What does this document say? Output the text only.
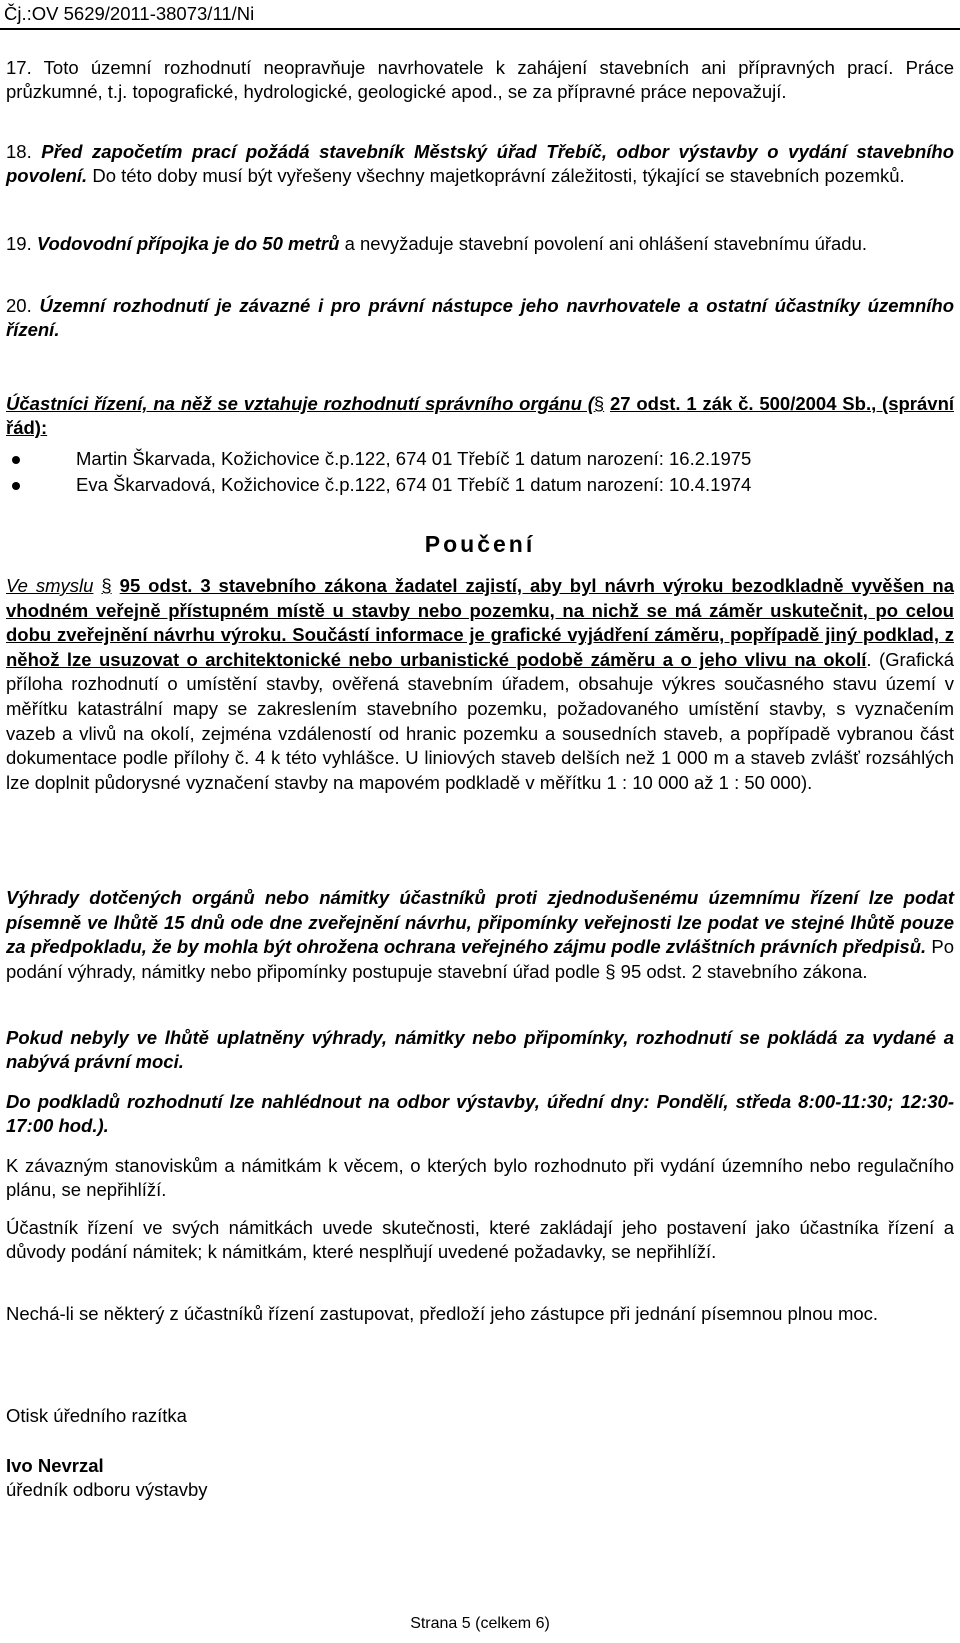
Čj.:OV 5629/2011-38073/11/Ni
17. Toto územní rozhodnutí neopravňuje navrhovatele k zahájení stavebních ani přípravných prací. Práce průzkumné, t.j. topografické, hydrologické, geologické apod., se za přípravné práce nepovažují.
18. Před započetím prací požádá stavebník Městský úřad Třebíč, odbor výstavby o vydání stavebního povolení. Do této doby musí být vyřešeny všechny majetkoprávní záležitosti, týkající se stavebních pozemků.
19. Vodovodní přípojka je do 50 metrů a nevyžaduje stavební povolení ani ohlášení stavebnímu úřadu.
20. Územní rozhodnutí je závazné i pro právní nástupce jeho navrhovatele a ostatní účastníky územního řízení.
Účastníci řízení, na něž se vztahuje rozhodnutí správního orgánu (§ 27 odst. 1 zák č. 500/2004 Sb., (správní řád):
Martin Škarvada, Kožichovice č.p.122, 674 01 Třebíč 1 datum narození: 16.2.1975
Eva Škarvadová, Kožichovice č.p.122, 674 01 Třebíč 1 datum narození: 10.4.1974
Poučení
Ve smyslu § 95 odst. 3 stavebního zákona žadatel zajistí, aby byl návrh výroku bezodkladně vyvěšen na vhodném veřejně přístupném místě u stavby nebo pozemku, na nichž se má záměr uskutečnit, po celou dobu zveřejnění návrhu výroku. Součástí informace je grafické vyjádření záměru, popřípadě jiný podklad, z něhož lze usuzovat o architektonické nebo urbanistické podobě záměru a o jeho vlivu na okolí. (Grafická příloha rozhodnutí o umístění stavby, ověřená stavebním úřadem, obsahuje výkres současného stavu území v měřítku katastrální mapy se zakreslením stavebního pozemku, požadovaného umístění stavby, s vyznačením vazeb a vlivů na okolí, zejména vzdáleností od hranic pozemku a sousedních staveb, a popřípadě vybranou část dokumentace podle přílohy č. 4 k této vyhlášce. U liniových staveb delších než 1 000 m a staveb zvlášť rozsáhlých lze doplnit půdorysné vyznačení stavby na mapovém podkladě v měřítku 1 : 10 000 až 1 : 50 000).
Výhrady dotčených orgánů nebo námitky účastníků proti zjednodušenému územnímu řízení lze podat písemně ve lhůtě 15 dnů ode dne zveřejnění návrhu, připomínky veřejnosti lze podat ve stejné lhůtě pouze za předpokladu, že by mohla být ohrožena ochrana veřejného zájmu podle zvláštních právních předpisů. Po podání výhrady, námitky nebo připomínky postupuje stavební úřad podle § 95 odst. 2 stavebního zákona.
Pokud nebyly ve lhůtě uplatněny výhrady, námitky nebo připomínky, rozhodnutí se pokládá za vydané a nabývá právní moci.
Do podkladů rozhodnutí lze nahlédnout na odbor výstavby, úřední dny: Pondělí, středa 8:00-11:30; 12:30-17:00 hod.).
K závazným stanoviskům a námitkám k věcem, o kterých bylo rozhodnuto při vydání územního nebo regulačního plánu, se nepřihlíží.
Účastník řízení ve svých námitkách uvede skutečnosti, které zakládají jeho postavení jako účastníka řízení a důvody podání námitek; k námitkám, které nesplňují uvedené požadavky, se nepřihlíží.
Nechá-li se některý z účastníků řízení zastupovat, předloží jeho zástupce při jednání písemnou plnou moc.
Otisk úředního razítka
Ivo Nevrzal
úředník odboru výstavby
Strana 5 (celkem 6)
